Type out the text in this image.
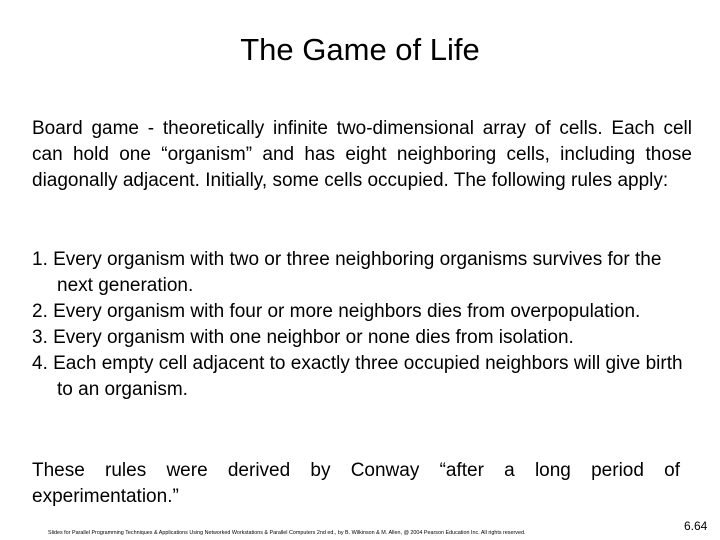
The Game of Life
Board game - theoretically infinite two-dimensional array of cells. Each cell can hold one “organism” and has eight neighboring cells, including those diagonally adjacent. Initially, some cells occupied. The following rules apply:
1. Every organism with two or three neighboring organisms survives for the next generation.
2. Every organism with four or more neighbors dies from overpopulation.
3. Every organism with one neighbor or none dies from isolation.
4. Each empty cell adjacent to exactly three occupied neighbors will give birth to an organism.
These rules were derived by Conway “after a long period of experimentation.”
Slides for Parallel Programming Techniques & Applications Using Networked Workstations & Parallel Computers 2nd ed., by B. Wilkinson & M. Allen, @ 2004 Pearson Education Inc. All rights reserved.	6.64
